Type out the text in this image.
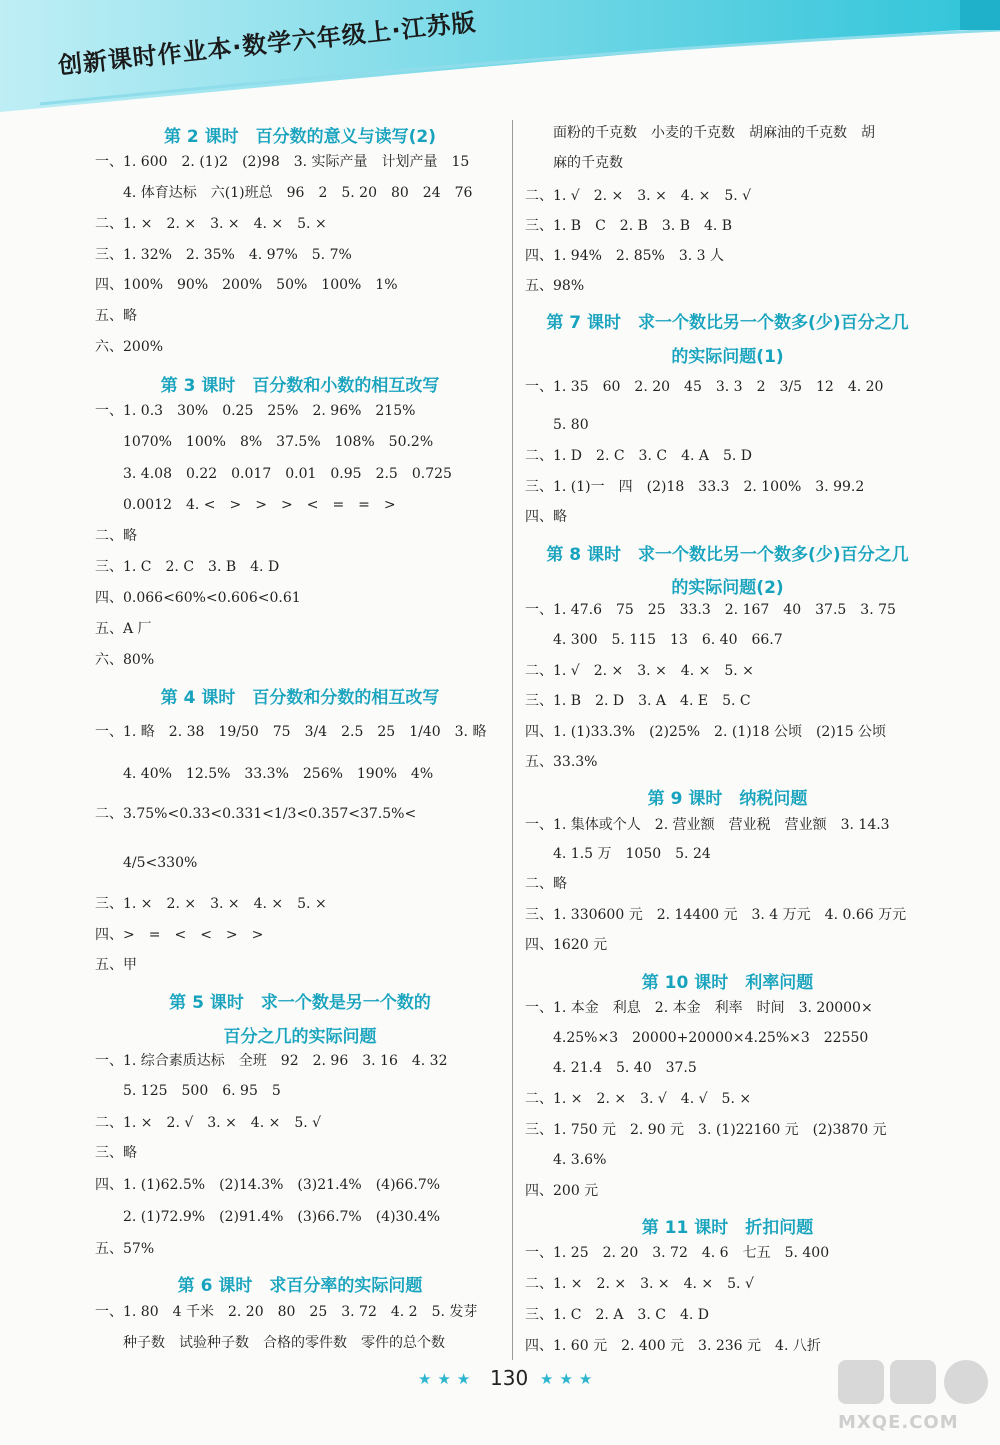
创新课时作业本·数学六年级上·江苏版
第 2 课时　百分数的意义与读写(2)
一、1. 600　2. (1)2　(2)98　3. 实际产量　计划产量　15
　　4. 体育达标　六(1)班总　96　2　5. 20　80　24　76
二、1. ×　2. ×　3. ×　4. ×　5. ×
三、1. 32%　2. 35%　4. 97%　5. 7%
四、100%　90%　200%　50%　100%　1%
五、略
六、200%
第 3 课时　百分数和小数的相互改写
一、1. 0.3　30%　0.25　25%　2. 96%　215%
　　1070%　100%　8%　37.5%　108%　50.2%
　　3. 4.08　0.22　0.017　0.01　0.95　2.5　0.725
　　0.0012　4. <　>　>　>　<　=　=　>
二、略
三、1. C　2. C　3. B　4. D
四、0.066<60%<0.606<0.61
五、A 厂
六、80%
第 4 课时　百分数和分数的相互改写
一、1. 略　2. 38　19/50　75　3/4　2.5　25　1/40　3. 略
　　4. 40%　12.5%　33.3%　256%　190%　4%
二、3.75%<0.33<0.331<1/3<0.357<37.5%<
　　4/5<330%
三、1. ×　2. ×　3. ×　4. ×　5. ×
四、>　=　<　<　>　>
五、甲
第 5 课时　求一个数是另一个数的
百分之几的实际问题
一、1. 综合素质达标　全班　92　2. 96　3. 16　4. 32
　　5. 125　500　6. 95　5
二、1. ×　2. √　3. ×　4. ×　5. √
三、略
四、1. (1)62.5%　(2)14.3%　(3)21.4%　(4)66.7%
　　2. (1)72.9%　(2)91.4%　(3)66.7%　(4)30.4%
五、57%
第 6 课时　求百分率的实际问题
一、1. 80　4 千米　2. 20　80　25　3. 72　4. 2　5. 发芽
　　种子数　试验种子数　合格的零件数　零件的总个数
　　面粉的千克数　小麦的千克数　胡麻油的千克数　胡
　　麻的千克数
二、1. √　2. ×　3. ×　4. ×　5. √
三、1. B　C　2. B　3. B　4. B
四、1. 94%　2. 85%　3. 3 人
五、98%
第 7 课时　求一个数比另一个数多(少)百分之几
的实际问题(1)
一、1. 35　60　2. 20　45　3. 3　2　3/5　12　4. 20
　　5. 80
二、1. D　2. C　3. C　4. A　5. D
三、1. (1)一　四　(2)18　33.3　2. 100%　3. 99.2
四、略
第 8 课时　求一个数比另一个数多(少)百分之几
的实际问题(2)
一、1. 47.6　75　25　33.3　2. 167　40　37.5　3. 75
　　4. 300　5. 115　13　6. 40　66.7
二、1. √　2. ×　3. ×　4. ×　5. ×
三、1. B　2. D　3. A　4. E　5. C
四、1. (1)33.3%　(2)25%　2. (1)18 公顷　(2)15 公顷
五、33.3%
第 9 课时　纳税问题
一、1. 集体或个人　2. 营业额　营业税　营业额　3. 14.3
　　4. 1.5 万　1050　5. 24
二、略
三、1. 330600 元　2. 14400 元　3. 4 万元　4. 0.66 万元
四、1620 元
第 10 课时　利率问题
一、1. 本金　利息　2. 本金　利率　时间　3. 20000×
　　4.25%×3　20000+20000×4.25%×3　22550
　　4. 21.4　5. 40　37.5
二、1. ×　2. ×　3. √　4. √　5. ×
三、1. 750 元　2. 90 元　3. (1)22160 元　(2)3870 元
　　4. 3.6%
四、200 元
第 11 课时　折扣问题
一、1. 25　2. 20　3. 72　4. 6　七五　5. 400
二、1. ×　2. ×　3. ×　4. ×　5. √
三、1. C　2. A　3. C　4. D
四、1. 60 元　2. 400 元　3. 236 元　4. 八折
★★★ 130 ★★★
MXQE.COM
